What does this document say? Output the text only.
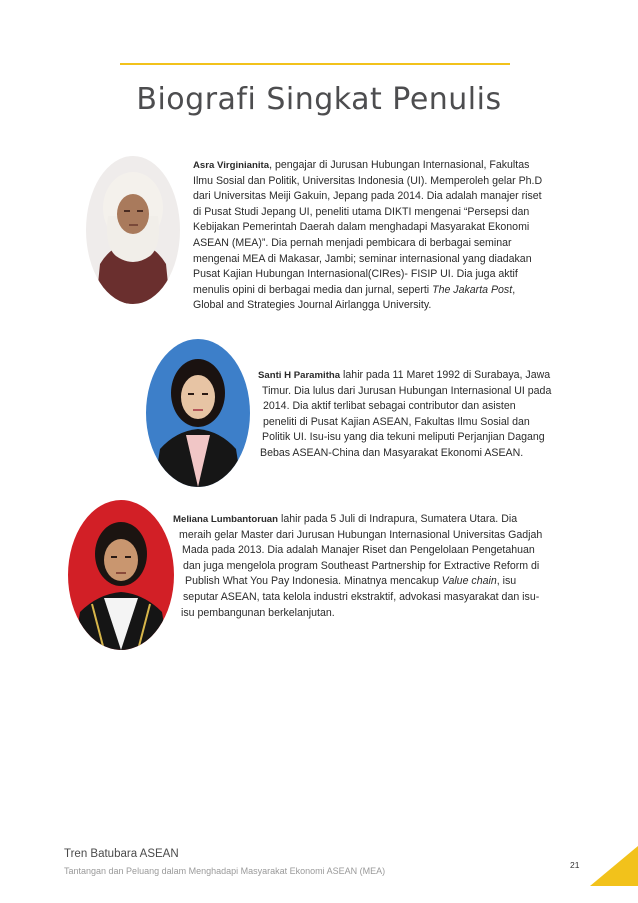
Biografi Singkat Penulis
Asra Virginianita, pengajar di Jurusan Hubungan Internasional, Fakultas
Ilmu Sosial dan Politik, Universitas Indonesia (UI). Memperoleh gelar Ph.D
dari Universitas Meiji Gakuin, Jepang pada 2014. Dia adalah manajer riset
di Pusat Studi Jepang UI, peneliti utama DIKTI mengenai “Persepsi dan
Kebijakan Pemerintah Daerah dalam menghadapi Masyarakat Ekonomi
ASEAN (MEA)”. Dia pernah menjadi pembicara di berbagai seminar
mengenai MEA di Makasar, Jambi; seminar internasional yang diadakan
Pusat Kajian Hubungan Internasional(CIRes)- FISIP UI. Dia juga aktif
menulis opini di berbagai media dan jurnal, seperti The Jakarta Post,
Global and Strategies Journal Airlangga University.
Santi H Paramitha lahir pada 11 Maret 1992 di Surabaya, Jawa
Timur. Dia lulus dari Jurusan Hubungan Internasional UI pada
2014. Dia aktif terlibat sebagai contributor dan asisten
peneliti di Pusat Kajian ASEAN, Fakultas Ilmu Sosial dan
Politik UI. Isu-isu yang dia tekuni meliputi Perjanjian Dagang
Bebas ASEAN-China dan Masyarakat Ekonomi ASEAN.
Meliana Lumbantoruan lahir pada 5 Juli di Indrapura, Sumatera Utara. Dia
meraih gelar Master dari Jurusan Hubungan Internasional Universitas Gadjah
Mada pada 2013. Dia adalah Manajer Riset dan Pengelolaan Pengetahuan
dan juga mengelola program Southeast Partnership for Extractive Reform di
Publish What You Pay Indonesia. Minatnya mencakup Value chain, isu
seputar ASEAN, tata kelola industri ekstraktif, advokasi masyarakat dan isu-
isu pembangunan berkelanjutan.
Tren Batubara ASEAN
Tantangan dan Peluang dalam Menghadapi Masyarakat Ekonomi ASEAN (MEA)
21
